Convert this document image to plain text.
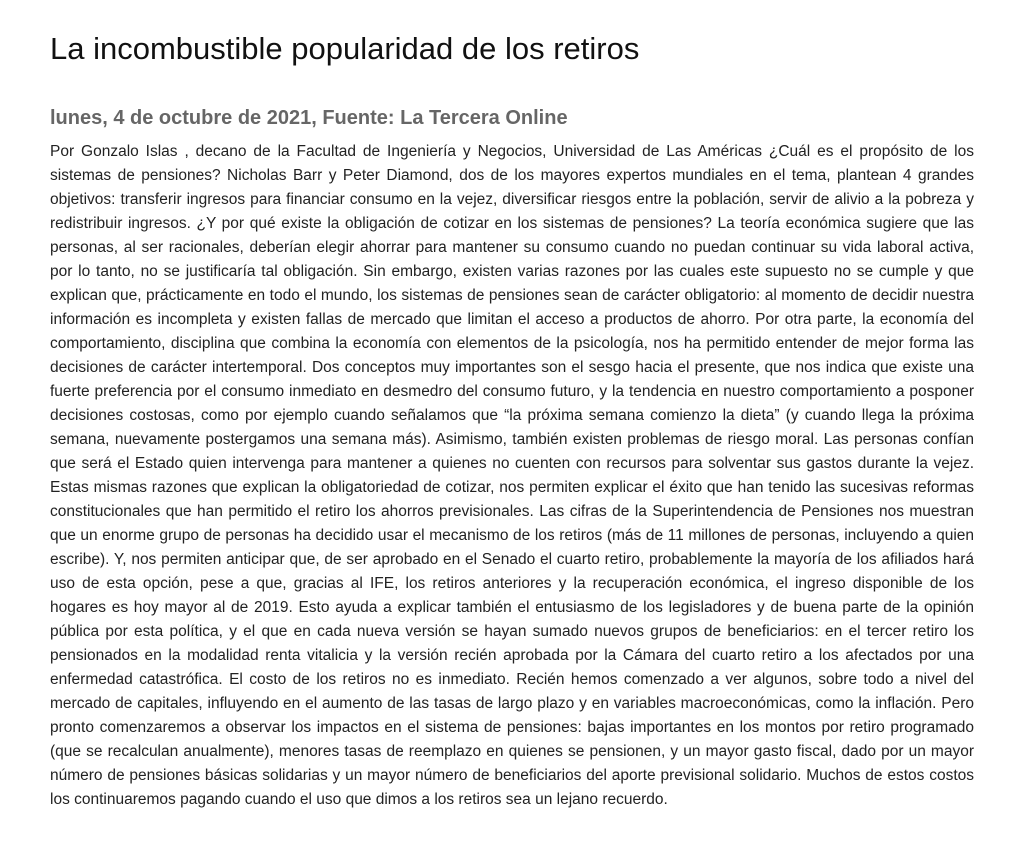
La incombustible popularidad de los retiros
lunes, 4 de octubre de 2021, Fuente: La Tercera Online

Por Gonzalo Islas , decano de la Facultad de Ingeniería y Negocios, Universidad de Las Américas ¿Cuál es el propósito de los sistemas de pensiones? Nicholas Barr y Peter Diamond, dos de los mayores expertos mundiales en el tema, plantean 4 grandes objetivos: transferir ingresos para financiar consumo en la vejez, diversificar riesgos entre la población, servir de alivio a la pobreza y redistribuir ingresos. ¿Y por qué existe la obligación de cotizar en los sistemas de pensiones? La teoría económica sugiere que las personas, al ser racionales, deberían elegir ahorrar para mantener su consumo cuando no puedan continuar su vida laboral activa, por lo tanto, no se justificaría tal obligación. Sin embargo, existen varias razones por las cuales este supuesto no se cumple y que explican que, prácticamente en todo el mundo, los sistemas de pensiones sean de carácter obligatorio: al momento de decidir nuestra información es incompleta y existen fallas de mercado que limitan el acceso a productos de ahorro. Por otra parte, la economía del comportamiento, disciplina que combina la economía con elementos de la psicología, nos ha permitido entender de mejor forma las decisiones de carácter intertemporal. Dos conceptos muy importantes son el sesgo hacia el presente, que nos indica que existe una fuerte preferencia por el consumo inmediato en desmedro del consumo futuro, y la tendencia en nuestro comportamiento a posponer decisiones costosas, como por ejemplo cuando señalamos que “la próxima semana comienzo la dieta” (y cuando llega la próxima semana, nuevamente postergamos una semana más). Asimismo, también existen problemas de riesgo moral. Las personas confían que será el Estado quien intervenga para mantener a quienes no cuenten con recursos para solventar sus gastos durante la vejez. Estas mismas razones que explican la obligatoriedad de cotizar, nos permiten explicar el éxito que han tenido las sucesivas reformas constitucionales que han permitido el retiro los ahorros previsionales. Las cifras de la Superintendencia de Pensiones nos muestran que un enorme grupo de personas ha decidido usar el mecanismo de los retiros (más de 11 millones de personas, incluyendo a quien escribe). Y, nos permiten anticipar que, de ser aprobado en el Senado el cuarto retiro, probablemente la mayoría de los afiliados hará uso de esta opción, pese a que, gracias al IFE, los retiros anteriores y la recuperación económica, el ingreso disponible de los hogares es hoy mayor al de 2019. Esto ayuda a explicar también el entusiasmo de los legisladores y de buena parte de la opinión pública por esta política, y el que en cada nueva versión se hayan sumado nuevos grupos de beneficiarios: en el tercer retiro los pensionados en la modalidad renta vitalicia y la versión recién aprobada por la Cámara del cuarto retiro a los afectados por una enfermedad catastrófica. El costo de los retiros no es inmediato. Recién hemos comenzado a ver algunos, sobre todo a nivel del mercado de capitales, influyendo en el aumento de las tasas de largo plazo y en variables macroeconómicas, como la inflación. Pero pronto comenzaremos a observar los impactos en el sistema de pensiones: bajas importantes en los montos por retiro programado (que se recalculan anualmente), menores tasas de reemplazo en quienes se pensionen, y un mayor gasto fiscal, dado por un mayor número de pensiones básicas solidarias y un mayor número de beneficiarios del aporte previsional solidario. Muchos de estos costos los continuaremos pagando cuando el uso que dimos a los retiros sea un lejano recuerdo.
